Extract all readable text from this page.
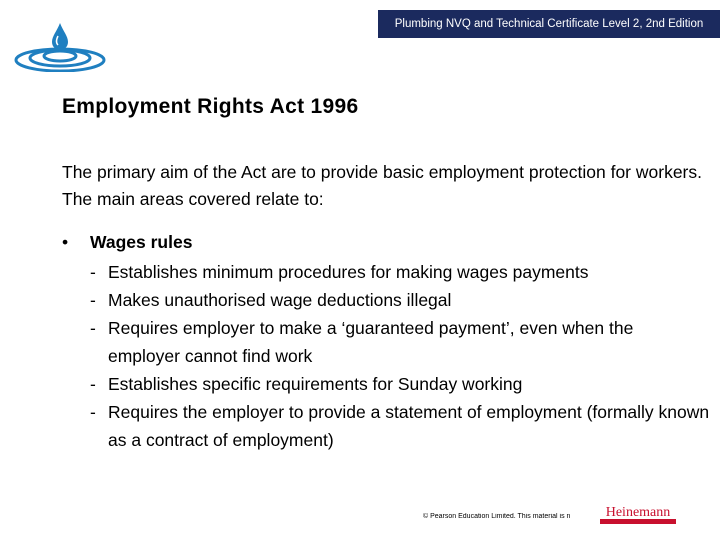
Plumbing NVQ and Technical Certificate Level 2, 2nd Edition
Employment Rights Act 1996
The primary aim of the Act are to provide basic employment protection for workers. The main areas covered relate to:
• Wages rules
- Establishes minimum procedures for making wages payments
- Makes unauthorised wage deductions illegal
- Requires employer to make a ‘guaranteed payment’, even when the employer cannot find work
- Establishes specific requirements for Sunday working
- Requires the employer to provide a statement of employment (formally known as a contract of employment)
© Pearson Education Limited. This material is n	Heinemann
